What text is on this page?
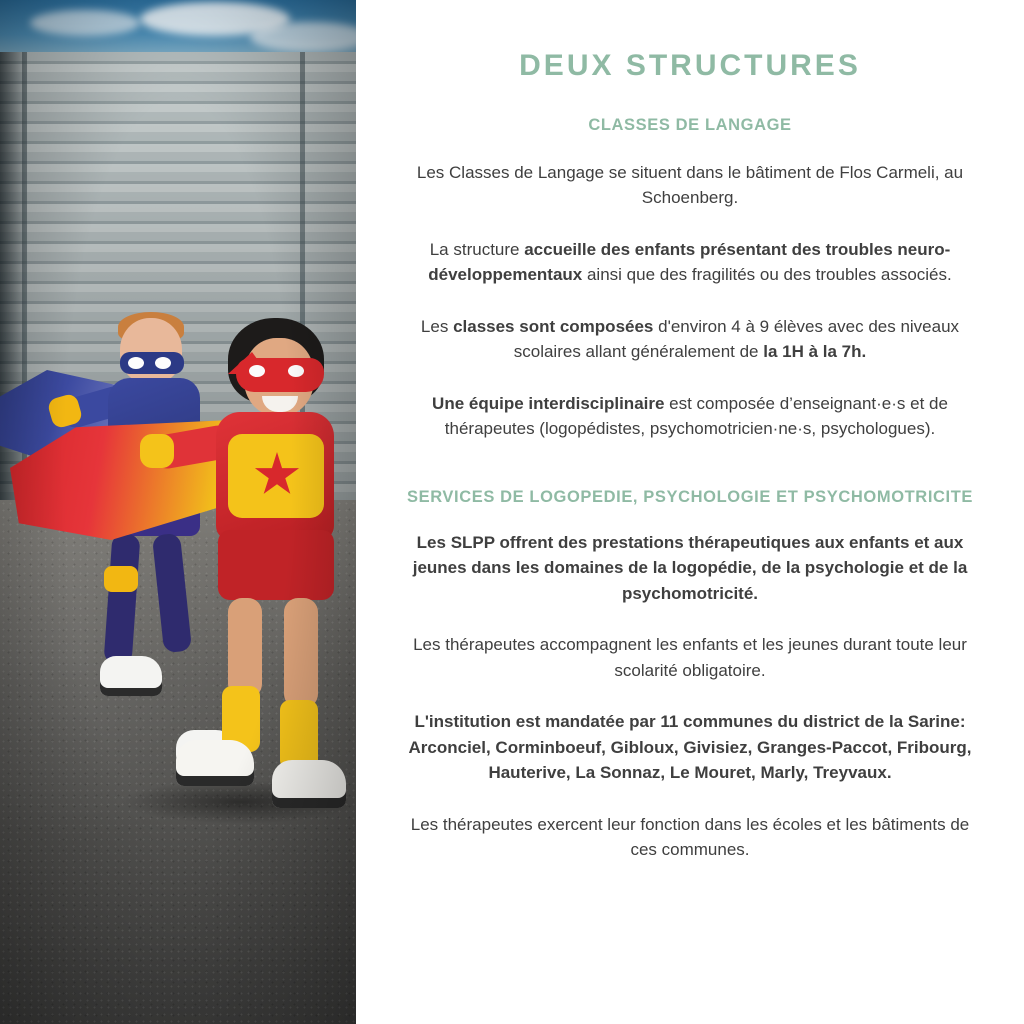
DEUX STRUCTURES
CLASSES DE LANGAGE

Les Classes de Langage se situent dans le bâtiment de Flos Carmeli, au Schoenberg.

La structure accueille des enfants présentant des troubles neuro-développementaux ainsi que des fragilités ou des troubles associés.

Les classes sont composées d'environ 4 à 9 élèves avec des niveaux scolaires allant généralement de la 1H à la 7h.

Une équipe interdisciplinaire est composée d’enseignant·e·s et de thérapeutes (logopédistes, psychomotricien·ne·s, psychologues).

SERVICES DE LOGOPEDIE, PSYCHOLOGIE ET PSYCHOMOTRICITE

Les SLPP offrent des prestations thérapeutiques aux enfants et aux jeunes dans les domaines de la logopédie, de la psychologie et de la psychomotricité.

Les thérapeutes accompagnent les enfants et les jeunes durant toute leur scolarité obligatoire.

L'institution est mandatée par 11 communes du district de la Sarine: Arconciel, Corminboeuf, Gibloux, Givisiez, Granges-Paccot, Fribourg, Hauterive, La Sonnaz, Le Mouret, Marly, Treyvaux.

Les thérapeutes exercent leur fonction dans les écoles et les bâtiments de ces communes.
